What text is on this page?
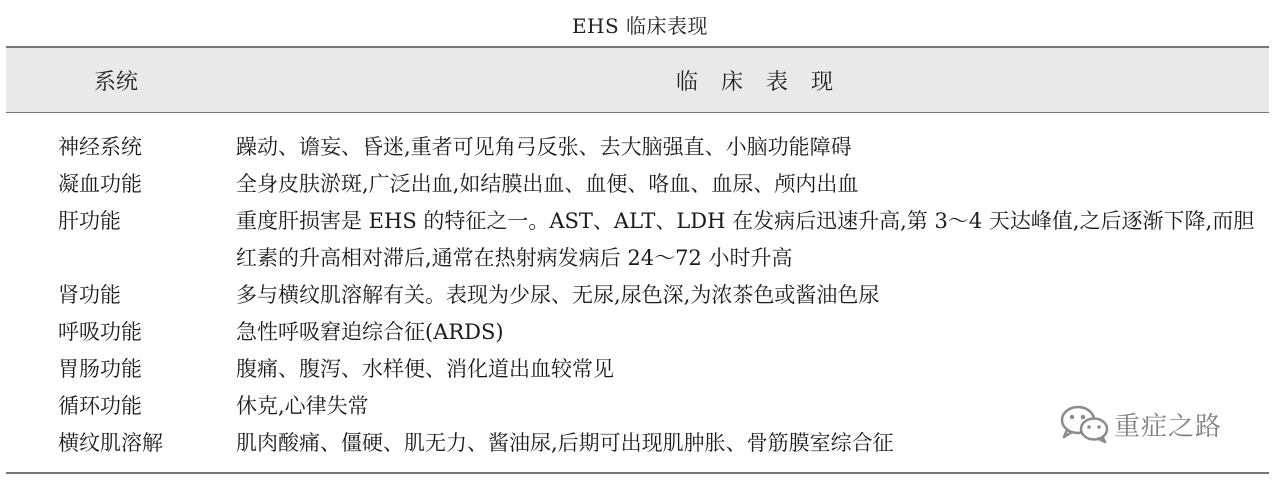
EHS 临床表现
系统	临 床 表 现
神经系统	躁动、谵妄、昏迷,重者可见角弓反张、去大脑强直、小脑功能障碍
凝血功能	全身皮肤淤斑,广泛出血,如结膜出血、血便、咯血、血尿、颅内出血
肝功能	重度肝损害是 EHS 的特征之一。AST、ALT、LDH 在发病后迅速升高,第 3～4 天达峰值,之后逐渐下降,而胆红素的升高相对滞后,通常在热射病发病后 24～72 小时升高
肾功能	多与横纹肌溶解有关。表现为少尿、无尿,尿色深,为浓茶色或酱油色尿
呼吸功能	急性呼吸窘迫综合征(ARDS)
胃肠功能	腹痛、腹泻、水样便、消化道出血较常见
循环功能	休克,心律失常
横纹肌溶解	肌肉酸痛、僵硬、肌无力、酱油尿,后期可出现肌肿胀、骨筋膜室综合征
重症之路
